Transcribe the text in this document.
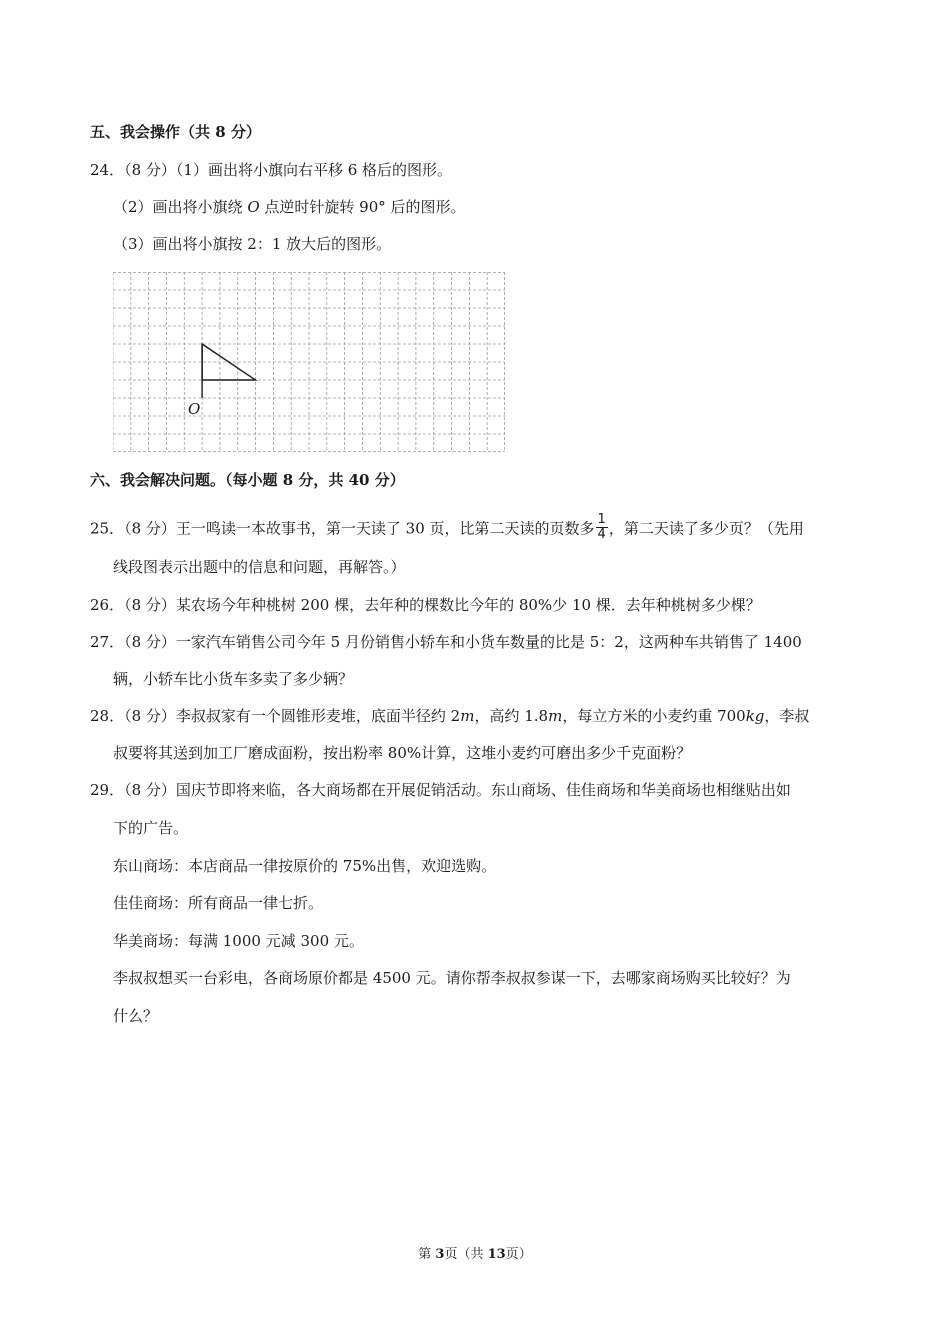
五、我会操作（共 8 分）
24．（8 分）（1）画出将小旗向右平移 6 格后的图形。
（2）画出将小旗绕 O 点逆时针旋转 90° 后的图形。
（3）画出将小旗按 2：1 放大后的图形。
O
六、我会解决问题。（每小题 8 分，共 40 分）
25．（8 分）王一鸣读一本故事书，第一天读了 30 页，比第二天读的页数多 $\frac{1}{4}$ ，第二天读了多少页？（先用
线段图表示出题中的信息和问题，再解答。）
26．（8 分）某农场今年种桃树 200 棵，去年种的棵数比今年的 80%少 10 棵．去年种桃树多少棵？
27．（8 分）一家汽车销售公司今年 5 月份销售小轿车和小货车数量的比是 5：2，这两种车共销售了 1400
辆，小轿车比小货车多卖了多少辆？
28．（8 分）李叔叔家有一个圆锥形麦堆，底面半径约 2m，高约 1.8m，每立方米的小麦约重 700kg，李叔
叔要将其送到加工厂磨成面粉，按出粉率 80%计算，这堆小麦约可磨出多少千克面粉？
29．（8 分）国庆节即将来临，各大商场都在开展促销活动。东山商场、佳佳商场和华美商场也相继贴出如
下的广告。
东山商场：本店商品一律按原价的 75%出售，欢迎选购。
佳佳商场：所有商品一律七折。
华美商场：每满 1000 元减 300 元。
李叔叔想买一台彩电，各商场原价都是 4500 元。请你帮李叔叔参谋一下，去哪家商场购买比较好？为
什么？
第 3页（共 13页）
